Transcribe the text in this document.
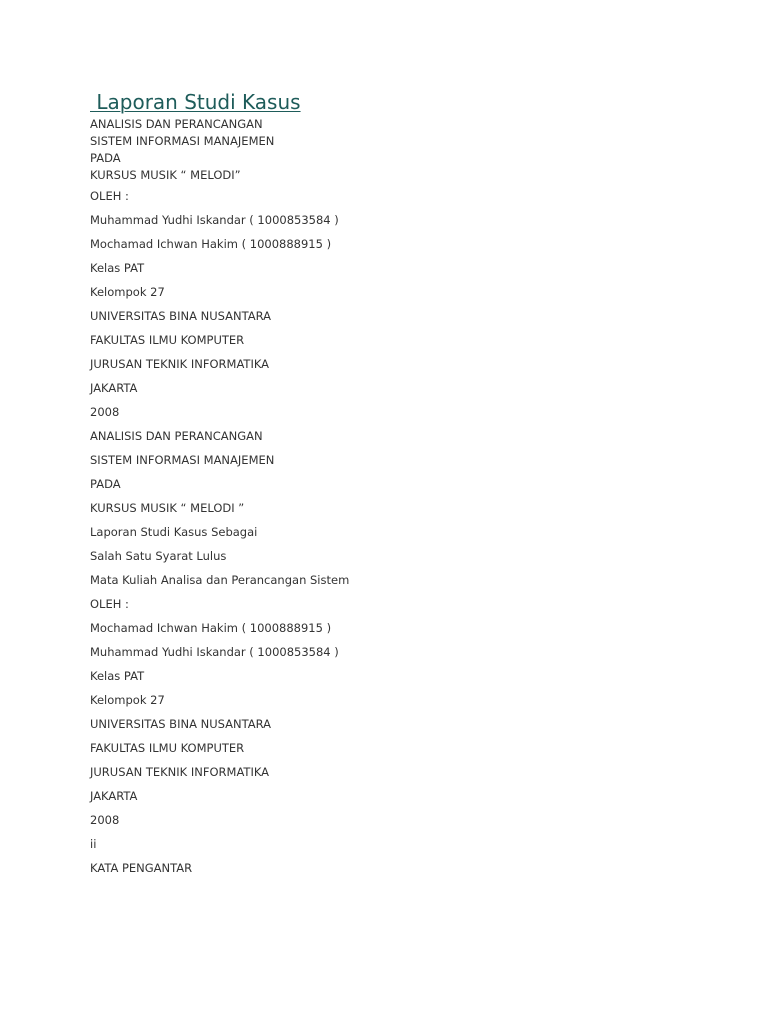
Laporan Studi Kasus
ANALISIS DAN PERANCANGAN
SISTEM INFORMASI MANAJEMEN
PADA
KURSUS MUSIK “ MELODI”
OLEH :
Muhammad Yudhi Iskandar ( 1000853584 )
Mochamad Ichwan Hakim ( 1000888915 )
Kelas PAT
Kelompok 27
UNIVERSITAS BINA NUSANTARA
FAKULTAS ILMU KOMPUTER
JURUSAN TEKNIK INFORMATIKA
JAKARTA
2008
ANALISIS DAN PERANCANGAN
SISTEM INFORMASI MANAJEMEN
PADA
KURSUS MUSIK “ MELODI ”
Laporan Studi Kasus Sebagai
Salah Satu Syarat Lulus
Mata Kuliah Analisa dan Perancangan Sistem
OLEH :
Mochamad Ichwan Hakim ( 1000888915 )
Muhammad Yudhi Iskandar ( 1000853584 )
Kelas PAT
Kelompok 27
UNIVERSITAS BINA NUSANTARA
FAKULTAS ILMU KOMPUTER
JURUSAN TEKNIK INFORMATIKA
JAKARTA
2008
ii
KATA PENGANTAR
